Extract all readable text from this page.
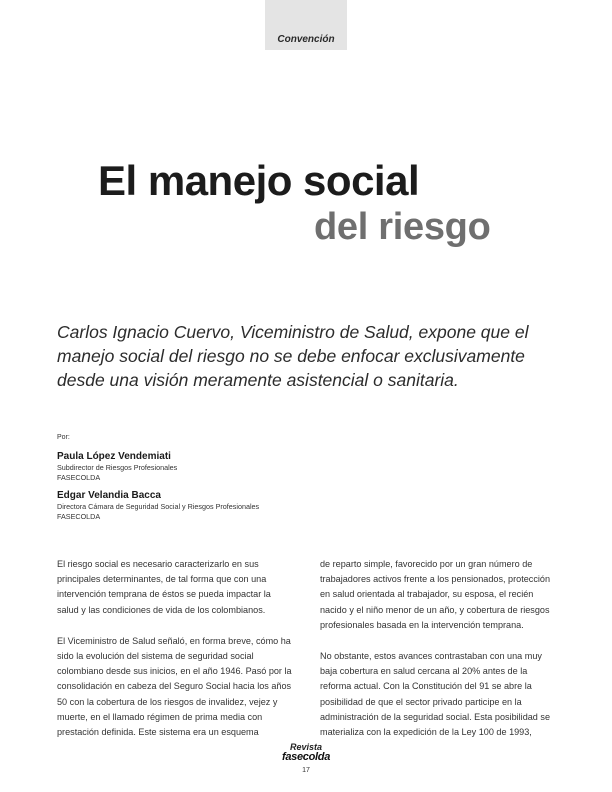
Convención
El manejo social
del riesgo
Carlos Ignacio Cuervo, Viceministro de Salud, expone que el manejo social del riesgo no se debe enfocar exclusivamente desde una visión meramente asistencial o sanitaria.
Por:
Paula López Vendemiati
Subdirector de Riesgos Profesionales
FASECOLDA
Edgar Velandia Bacca
Directora Cámara de Seguridad Social y Riesgos Profesionales
FASECOLDA

El riesgo social es necesario caracterizarlo en sus principales determinantes, de tal forma que con una intervención temprana de éstos se pueda impactar la salud y las condiciones de vida de los colombianos.

El Viceministro de Salud señaló, en forma breve, cómo ha sido la evolución del sistema de seguridad social colombiano desde sus inicios, en el año 1946. Pasó por la consolidación en cabeza del Seguro Social hacia los años 50 con la cobertura de los riesgos de invalidez, vejez y muerte, en el llamado régimen de prima media con prestación definida. Este sistema era un esquema

de reparto simple, favorecido por un gran número de trabajadores activos frente a los pensionados, protección en salud orientada al trabajador, su esposa, el recién nacido y el niño menor de un año, y cobertura de riesgos profesionales basada en la intervención temprana.

No obstante, estos avances contrastaban con una muy baja cobertura en salud cercana al 20% antes de la reforma actual. Con la Constitución del 91 se abre la posibilidad de que el sector privado participe en la administración de la seguridad social. Esta posibilidad se materializa con la expedición de la Ley 100 de 1993,

Revista
fasecolda
17
